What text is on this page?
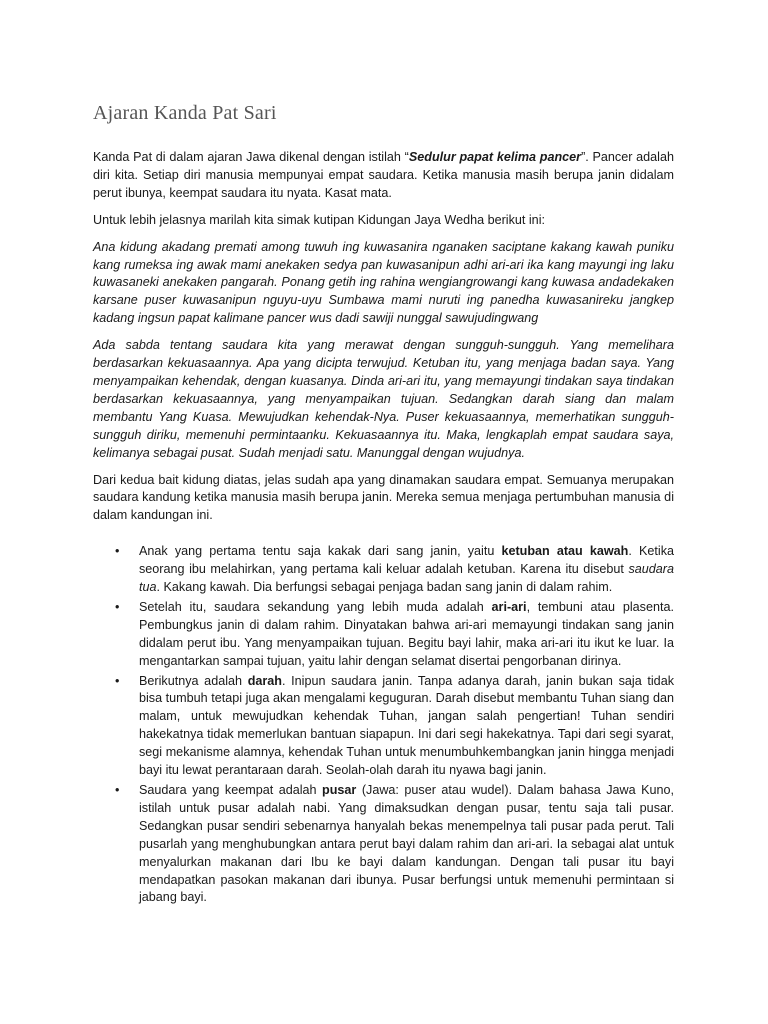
Ajaran Kanda Pat Sari

Kanda Pat di dalam ajaran Jawa dikenal dengan istilah “Sedulur papat kelima pancer”. Pancer adalah diri kita. Setiap diri manusia mempunyai empat saudara. Ketika manusia masih berupa janin didalam perut ibunya, keempat saudara itu nyata. Kasat mata.

Untuk lebih jelasnya marilah kita simak kutipan Kidungan Jaya Wedha berikut ini:

Ana kidung akadang premati among tuwuh ing kuwasanira nganaken saciptane kakang kawah puniku kang rumeksa ing awak mami anekaken sedya pan kuwasanipun adhi ari-ari ika kang mayungi ing laku kuwasaneki anekaken pangarah. Ponang getih ing rahina wengiangrowangi kang kuwasa andadekaken karsane puser kuwasanipun nguyu-uyu Sumbawa mami nuruti ing panedha kuwasanireku jangkep kadang ingsun papat kalimane pancer wus dadi sawiji nunggal sawujudingwang

Ada sabda tentang saudara kita yang merawat dengan sungguh-sungguh. Yang memelihara berdasarkan kekuasaannya. Apa yang dicipta terwujud. Ketuban itu, yang menjaga badan saya. Yang menyampaikan kehendak, dengan kuasanya. Dinda ari-ari itu, yang memayungi tindakan saya tindakan berdasarkan kekuasaannya, yang menyampaikan tujuan. Sedangkan darah siang dan malam membantu Yang Kuasa. Mewujudkan kehendak-Nya. Puser kekuasaannya, memerhatikan sungguh-sungguh diriku, memenuhi permintaanku. Kekuasaannya itu. Maka, lengkaplah empat saudara saya, kelimanya sebagai pusat. Sudah menjadi satu. Manunggal dengan wujudnya.

Dari kedua bait kidung diatas, jelas sudah apa yang dinamakan saudara empat. Semuanya merupakan saudara kandung ketika manusia masih berupa janin. Mereka semua menjaga pertumbuhan manusia di dalam kandungan ini.

• Anak yang pertama tentu saja kakak dari sang janin, yaitu ketuban atau kawah. Ketika seorang ibu melahirkan, yang pertama kali keluar adalah ketuban. Karena itu disebut saudara tua. Kakang kawah. Dia berfungsi sebagai penjaga badan sang janin di dalam rahim.
• Setelah itu, saudara sekandung yang lebih muda adalah ari-ari, tembuni atau plasenta. Pembungkus janin di dalam rahim. Dinyatakan bahwa ari-ari memayungi tindakan sang janin didalam perut ibu. Yang menyampaikan tujuan. Begitu bayi lahir, maka ari-ari itu ikut ke luar. Ia mengantarkan sampai tujuan, yaitu lahir dengan selamat disertai pengorbanan dirinya.
• Berikutnya adalah darah. Inipun saudara janin. Tanpa adanya darah, janin bukan saja tidak bisa tumbuh tetapi juga akan mengalami keguguran. Darah disebut membantu Tuhan siang dan malam, untuk mewujudkan kehendak Tuhan, jangan salah pengertian! Tuhan sendiri hakekatnya tidak memerlukan bantuan siapapun. Ini dari segi hakekatnya. Tapi dari segi syarat, segi mekanisme alamnya, kehendak Tuhan untuk menumbuhkembangkan janin hingga menjadi bayi itu lewat perantaraan darah. Seolah-olah darah itu nyawa bagi janin.
• Saudara yang keempat adalah pusar (Jawa: puser atau wudel). Dalam bahasa Jawa Kuno, istilah untuk pusar adalah nabi. Yang dimaksudkan dengan pusar, tentu saja tali pusar. Sedangkan pusar sendiri sebenarnya hanyalah bekas menempelnya tali pusar pada perut. Tali pusarlah yang menghubungkan antara perut bayi dalam rahim dan ari-ari. Ia sebagai alat untuk menyalurkan makanan dari Ibu ke bayi dalam kandungan. Dengan tali pusar itu bayi mendapatkan pasokan makanan dari ibunya. Pusar berfungsi untuk memenuhi permintaan si jabang bayi.
